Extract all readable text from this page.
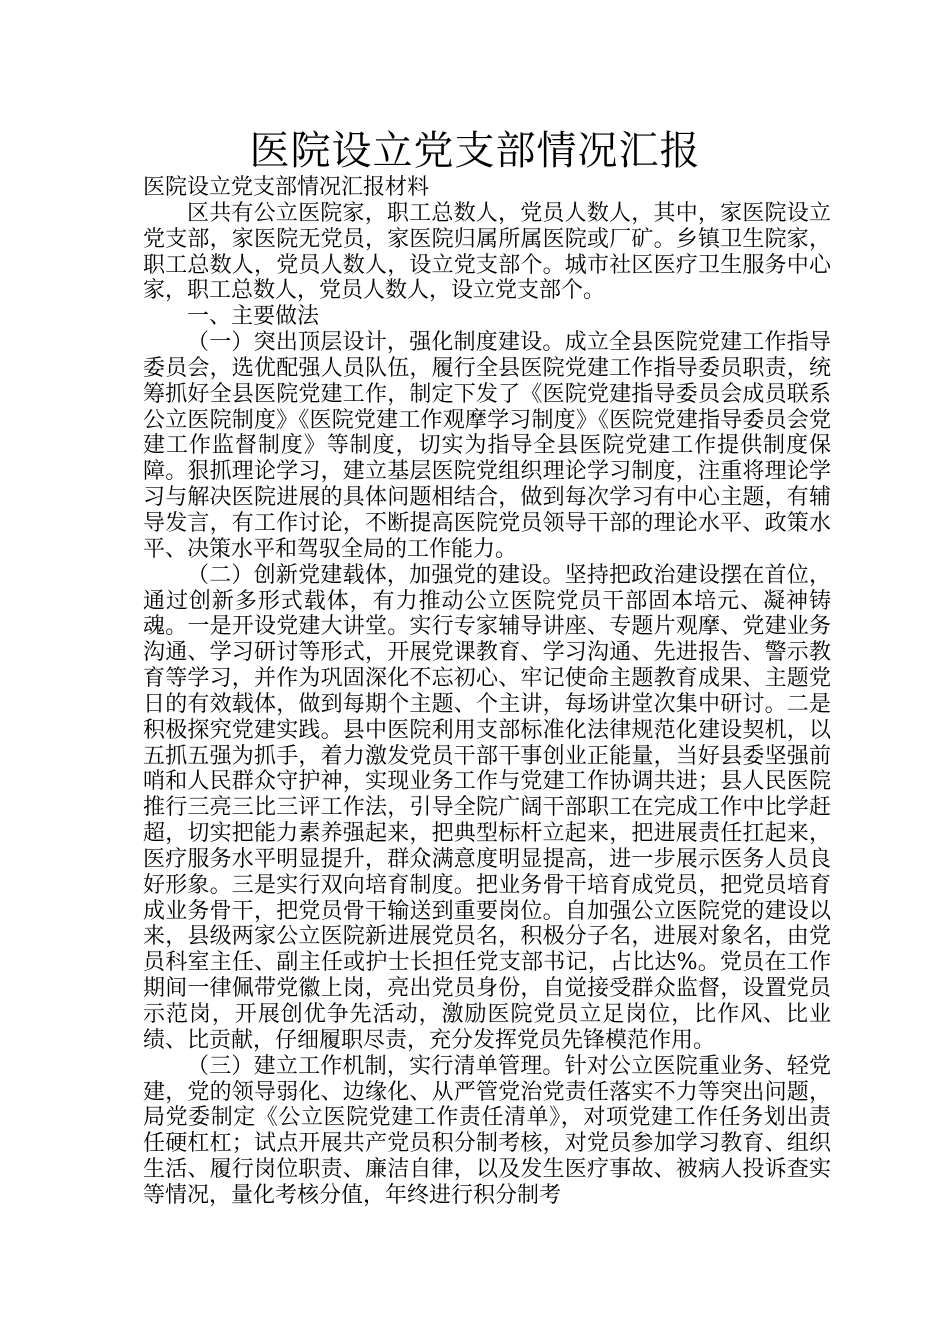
医院设立党支部情况汇报

医院设立党支部情况汇报材料

区共有公立医院家，职工总数人，党员人数人，其中，家医院设立党支部，家医院无党员，家医院归属所属医院或厂矿。乡镇卫生院家，职工总数人，党员人数人，设立党支部个。城市社区医疗卫生服务中心家，职工总数人，党员人数人，设立党支部个。

一、主要做法

（一）突出顶层设计，强化制度建设。成立全县医院党建工作指导委员会，选优配强人员队伍，履行全县医院党建工作指导委员职责，统筹抓好全县医院党建工作，制定下发了《医院党建指导委员会成员联系公立医院制度》《医院党建工作观摩学习制度》《医院党建指导委员会党建工作监督制度》等制度，切实为指导全县医院党建工作提供制度保障。狠抓理论学习，建立基层医院党组织理论学习制度，注重将理论学习与解决医院进展的具体问题相结合，做到每次学习有中心主题，有辅导发言，有工作讨论，不断提高医院党员领导干部的理论水平、政策水平、决策水平和驾驭全局的工作能力。

（二）创新党建载体，加强党的建设。坚持把政治建设摆在首位，通过创新多形式载体，有力推动公立医院党员干部固本培元、凝神铸魂。一是开设党建大讲堂。实行专家辅导讲座、专题片观摩、党建业务沟通、学习研讨等形式，开展党课教育、学习沟通、先进报告、警示教育等学习，并作为巩固深化不忘初心、牢记使命主题教育成果、主题党日的有效载体，做到每期个主题、个主讲，每场讲堂次集中研讨。二是积极探究党建实践。县中医院利用支部标准化法律规范化建设契机，以五抓五强为抓手，着力激发党员干部干事创业正能量，当好县委坚强前哨和人民群众守护神，实现业务工作与党建工作协调共进；县人民医院推行三亮三比三评工作法，引导全院广阔干部职工在完成工作中比学赶超，切实把能力素养强起来，把典型标杆立起来，把进展责任扛起来，医疗服务水平明显提升，群众满意度明显提高，进一步展示医务人员良好形象。三是实行双向培育制度。把业务骨干培育成党员，把党员培育成业务骨干，把党员骨干输送到重要岗位。自加强公立医院党的建设以来，县级两家公立医院新进展党员名，积极分子名，进展对象名，由党员科室主任、副主任或护士长担任党支部书记，占比达%。党员在工作期间一律佩带党徽上岗，亮出党员身份，自觉接受群众监督，设置党员示范岗，开展创优争先活动，激励医院党员立足岗位，比作风、比业绩、比贡献，仔细履职尽责，充分发挥党员先锋模范作用。

（三）建立工作机制，实行清单管理。针对公立医院重业务、轻党建，党的领导弱化、边缘化、从严管党治党责任落实不力等突出问题，局党委制定《公立医院党建工作责任清单》，对项党建工作任务划出责任硬杠杠；试点开展共产党员积分制考核，对党员参加学习教育、组织生活、履行岗位职责、廉洁自律，以及发生医疗事故、被病人投诉查实等情况，量化考核分值，年终进行积分制考
